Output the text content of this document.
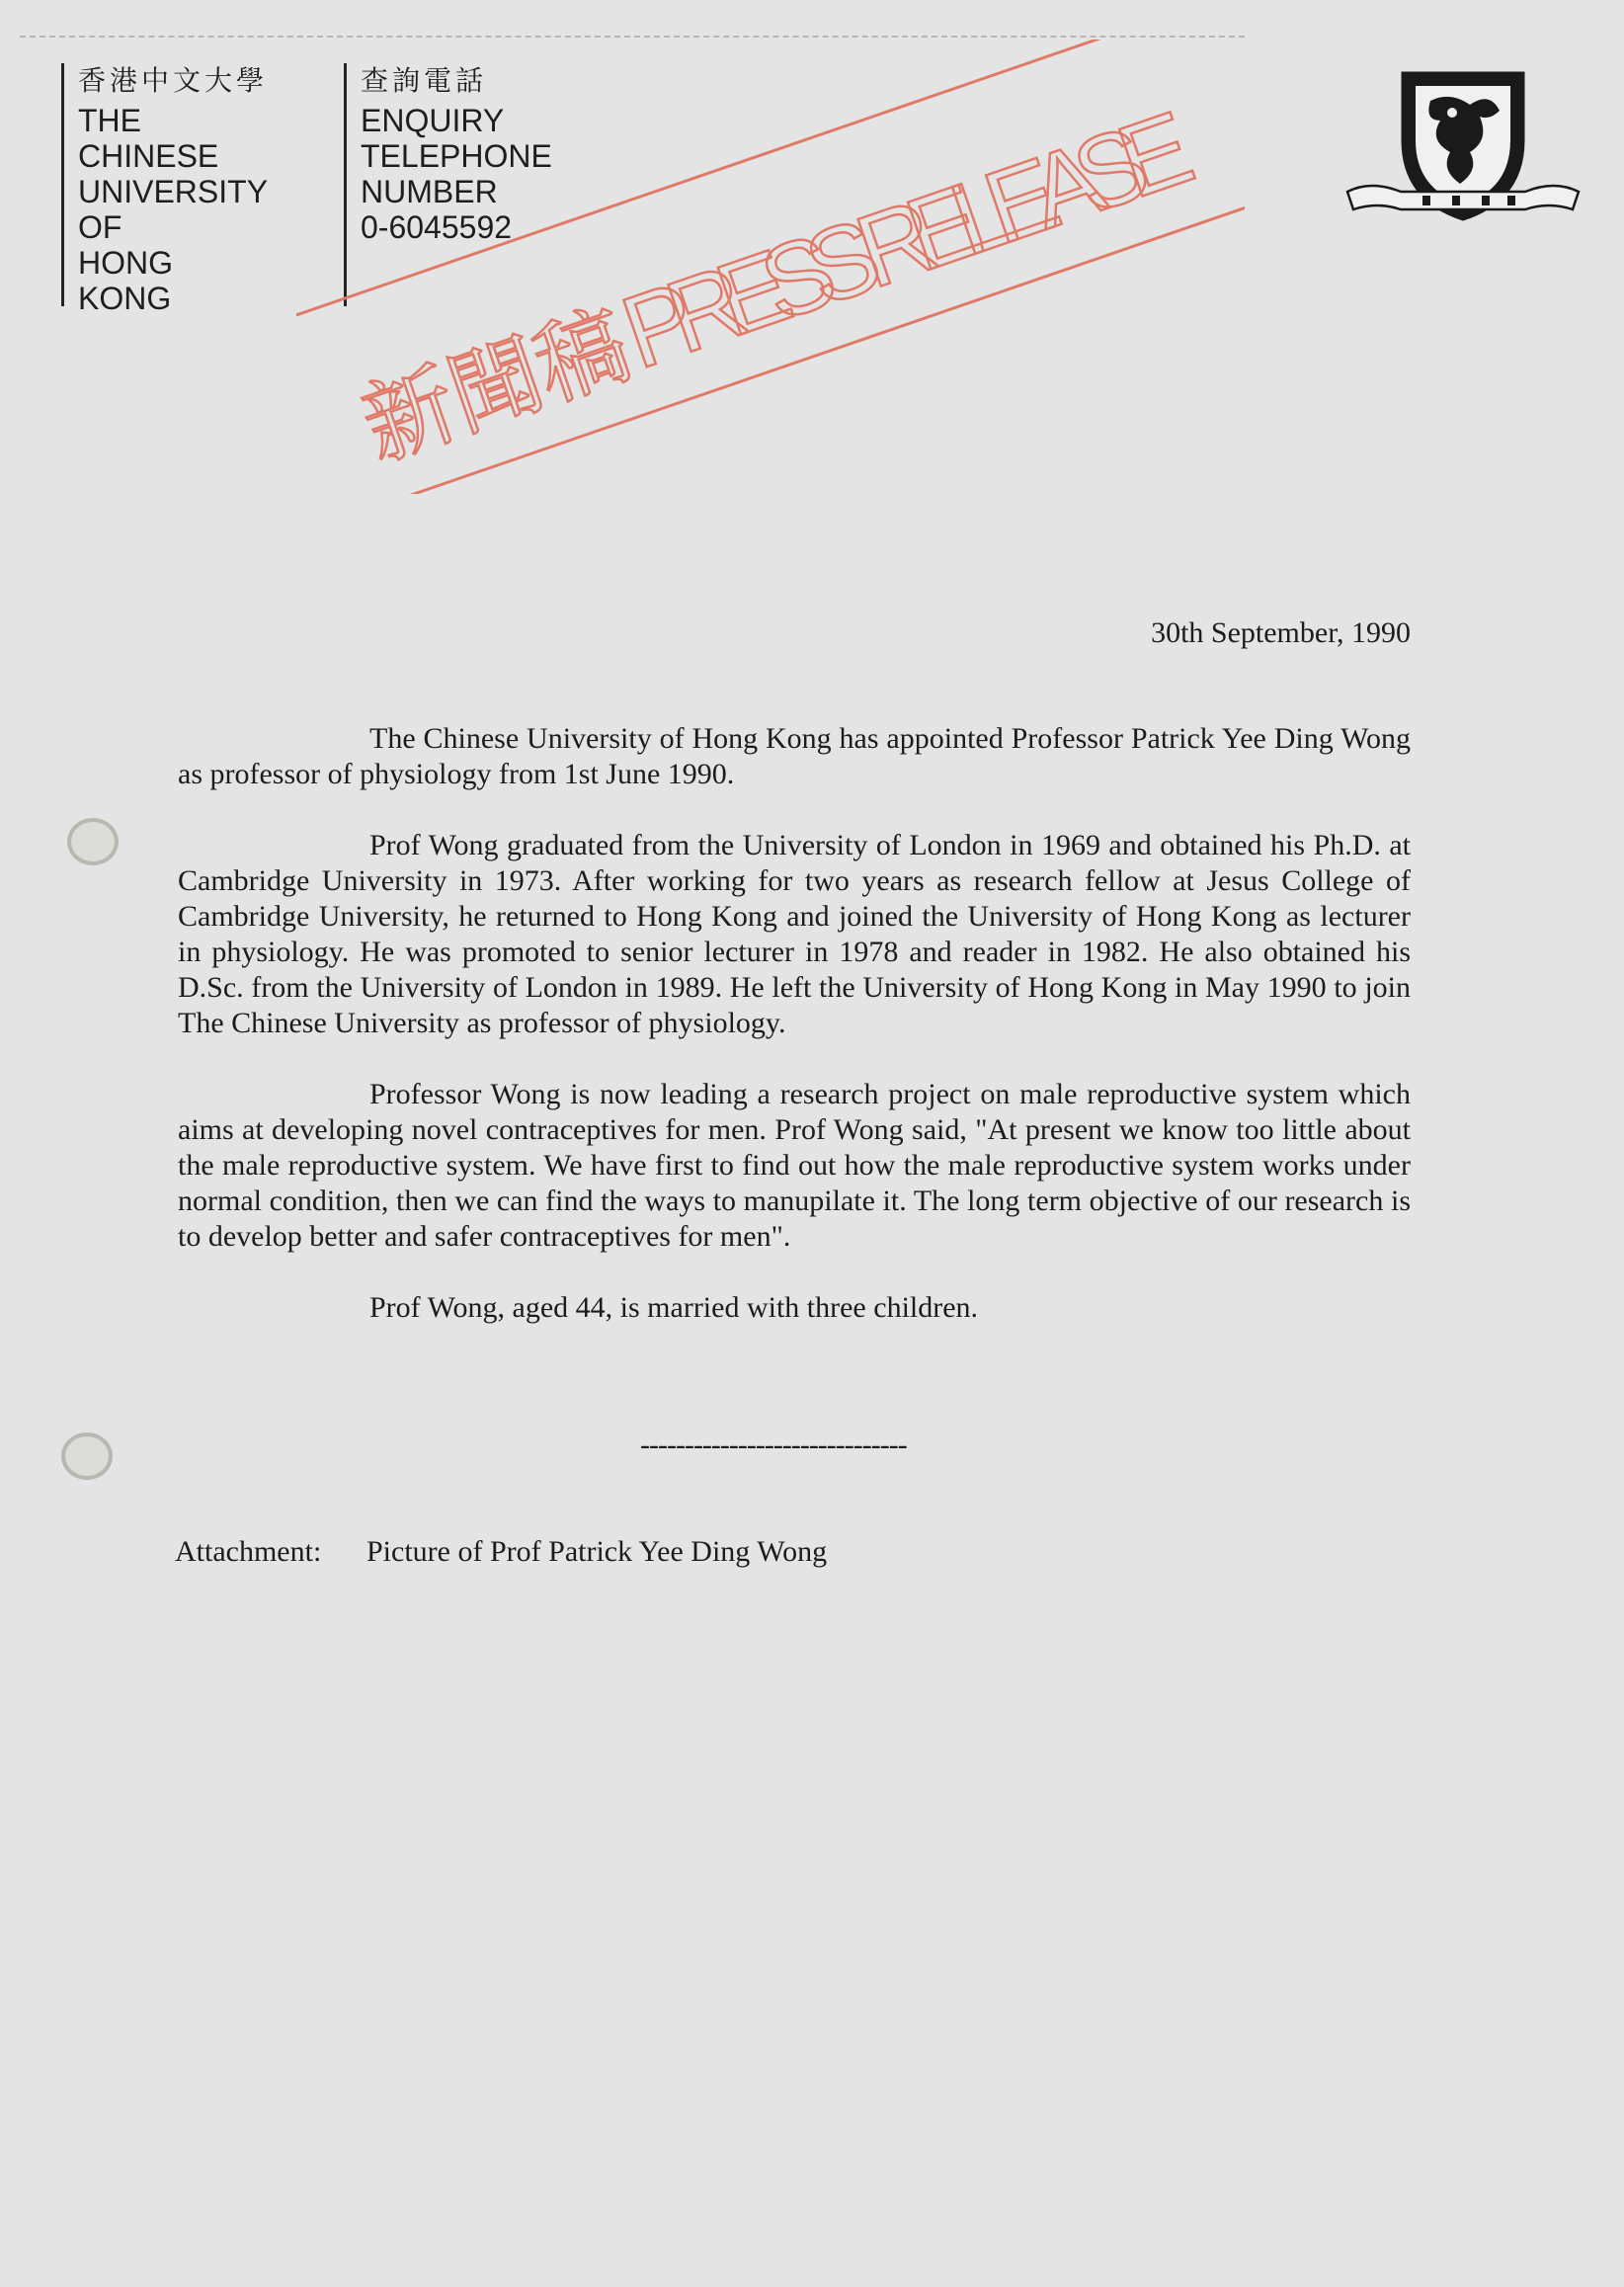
香港中文大學
THE
CHINESE
UNIVERSITY
OF
HONG
KONG
查詢電話
ENQUIRY
TELEPHONE
NUMBER
0-6045592
新聞稿
PRESS RELEASE
30th September, 1990

The Chinese University of Hong Kong has appointed Professor Patrick Yee Ding Wong as professor of physiology from 1st June 1990.

Prof Wong graduated from the University of London in 1969 and obtained his Ph.D. at Cambridge University in 1973. After working for two years as research fellow at Jesus College of Cambridge University, he returned to Hong Kong and joined the University of Hong Kong as lecturer in physiology. He was promoted to senior lecturer in 1978 and reader in 1982. He also obtained his D.Sc. from the University of London in 1989. He left the University of Hong Kong in May 1990 to join The Chinese University as professor of physiology.

Professor Wong is now leading a research project on male reproductive system which aims at developing novel contraceptives for men. Prof Wong said, "At present we know too little about the male reproductive system. We have first to find out how the male reproductive system works under normal condition, then we can find the ways to manupilate it. The long term objective of our research is to develop better and safer contraceptives for men".

Prof Wong, aged 44, is married with three children.

------------------------------
Attachment: Picture of Prof Patrick Yee Ding Wong
